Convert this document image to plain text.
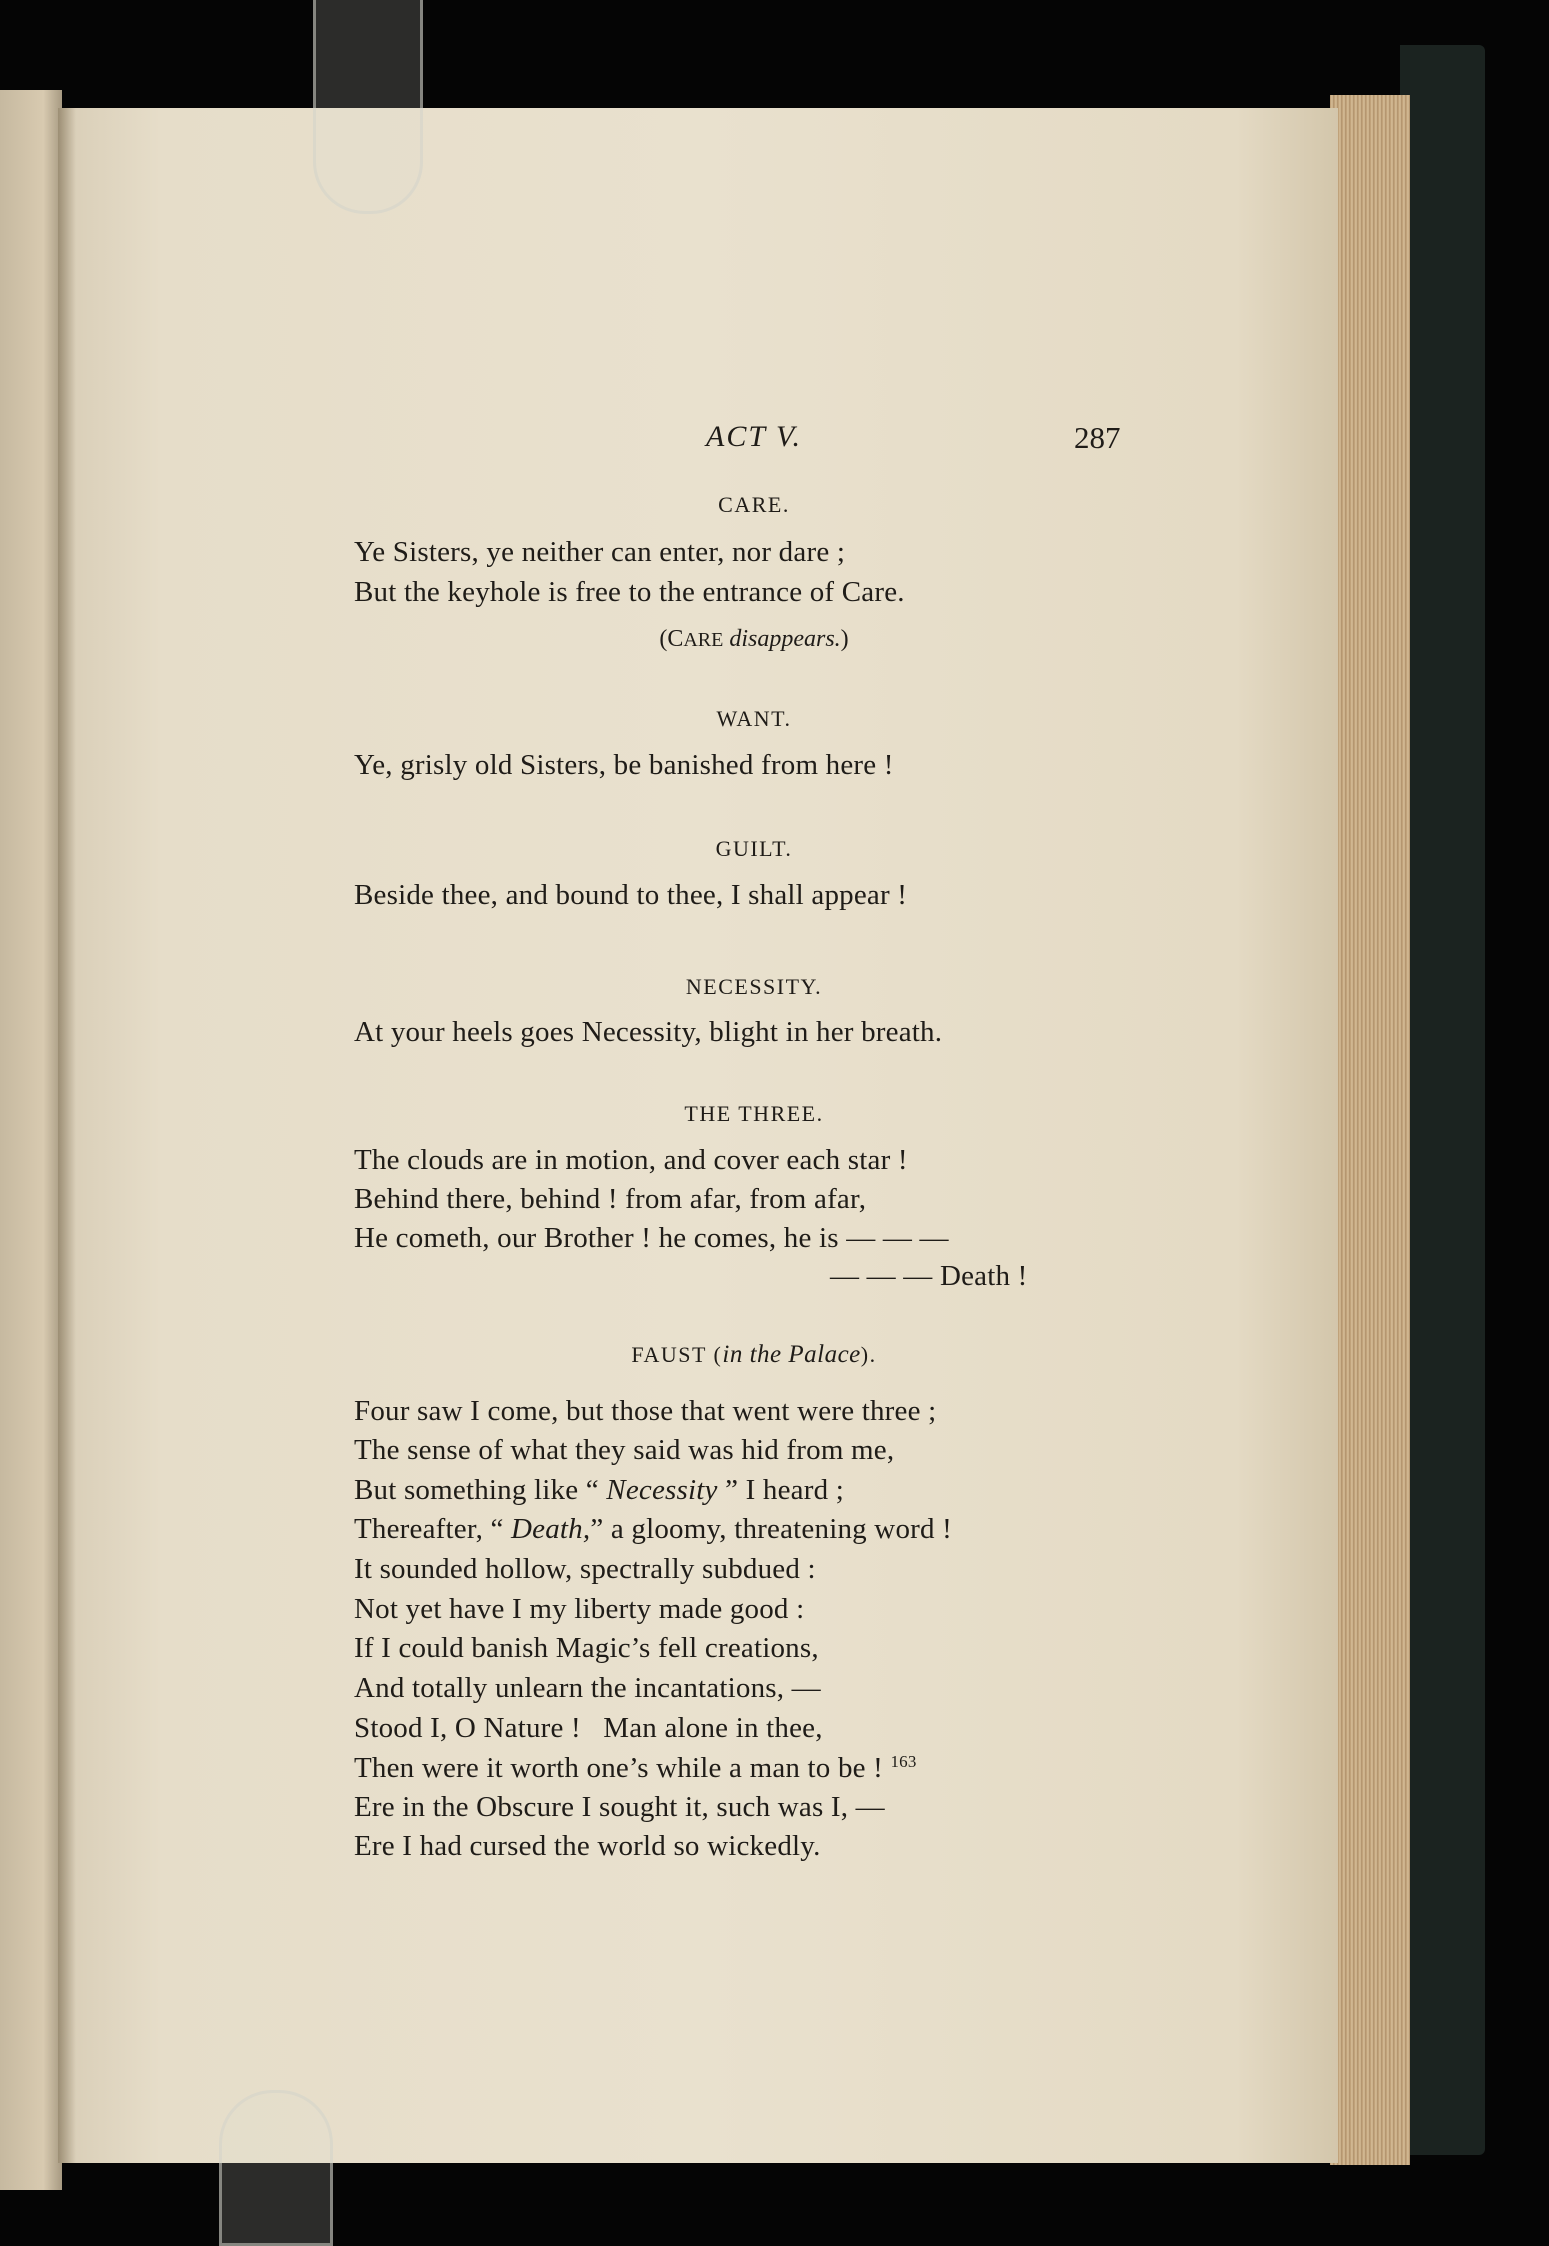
ACT V.	287
CARE.
Ye Sisters, ye neither can enter, nor dare ;
But the keyhole is free to the entrance of Care.
(CARE disappears.)
WANT.
Ye, grisly old Sisters, be banished from here !
GUILT.
Beside thee, and bound to thee, I shall appear !
NECESSITY.
At your heels goes Necessity, blight in her breath.
THE THREE.
The clouds are in motion, and cover each star !
Behind there, behind ! from afar, from afar,
He cometh, our Brother ! he comes, he is — — —
— — — Death !
FAUST (in the Palace).
Four saw I come, but those that went were three ;
The sense of what they said was hid from me,
But something like “ Necessity ” I heard ;
Thereafter, “ Death,” a gloomy, threatening word !
It sounded hollow, spectrally subdued :
Not yet have I my liberty made good :
If I could banish Magic’s fell creations,
And totally unlearn the incantations, —
Stood I, O Nature !   Man alone in thee,
Then were it worth one’s while a man to be ! $^{163}$
Ere in the Obscure I sought it, such was I, —
Ere I had cursed the world so wickedly.
